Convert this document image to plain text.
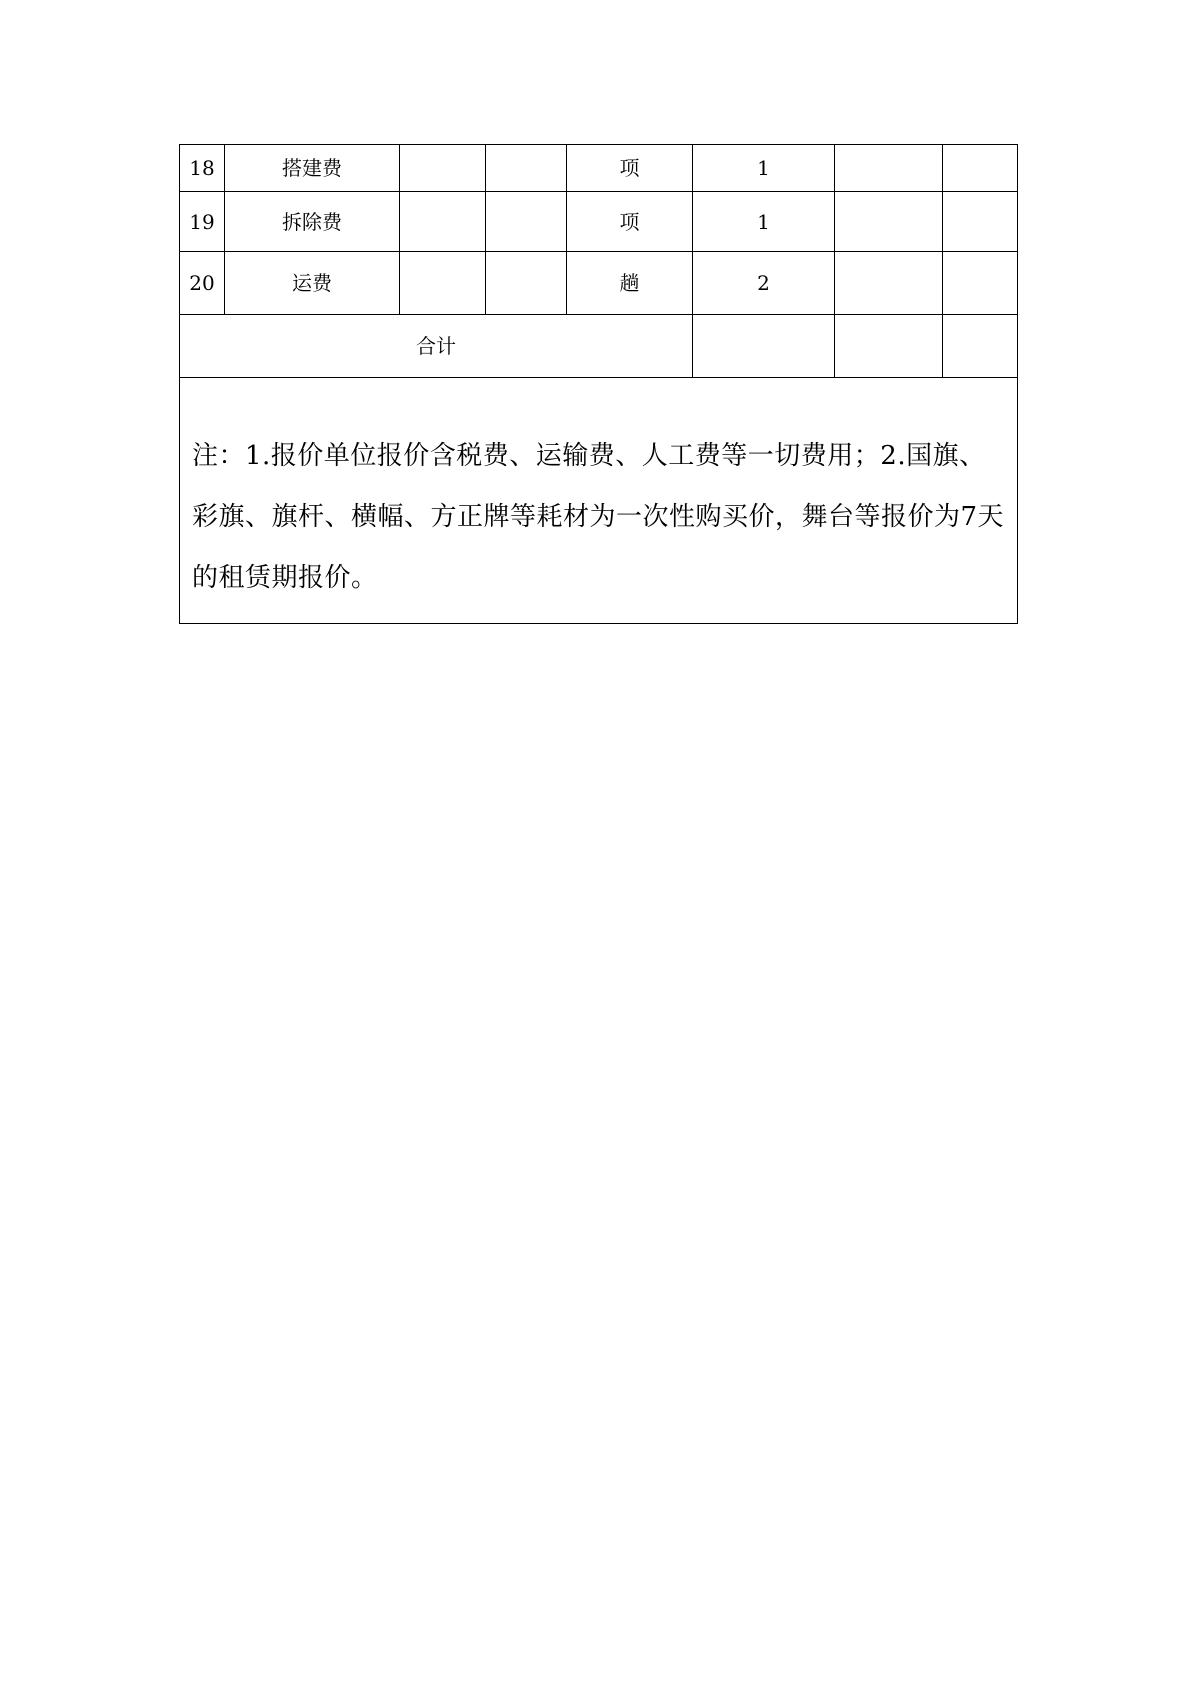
18	搭建费			项	1		
19	拆除费			项	1		
20	运费			趟	2		
合计							
注：1.报价单位报价含税费、运输费、人工费等一切费用；2.国旗、彩旗、旗杆、横幅、方正牌等耗材为一次性购买价，舞台等报价为7天的租赁期报价。							
